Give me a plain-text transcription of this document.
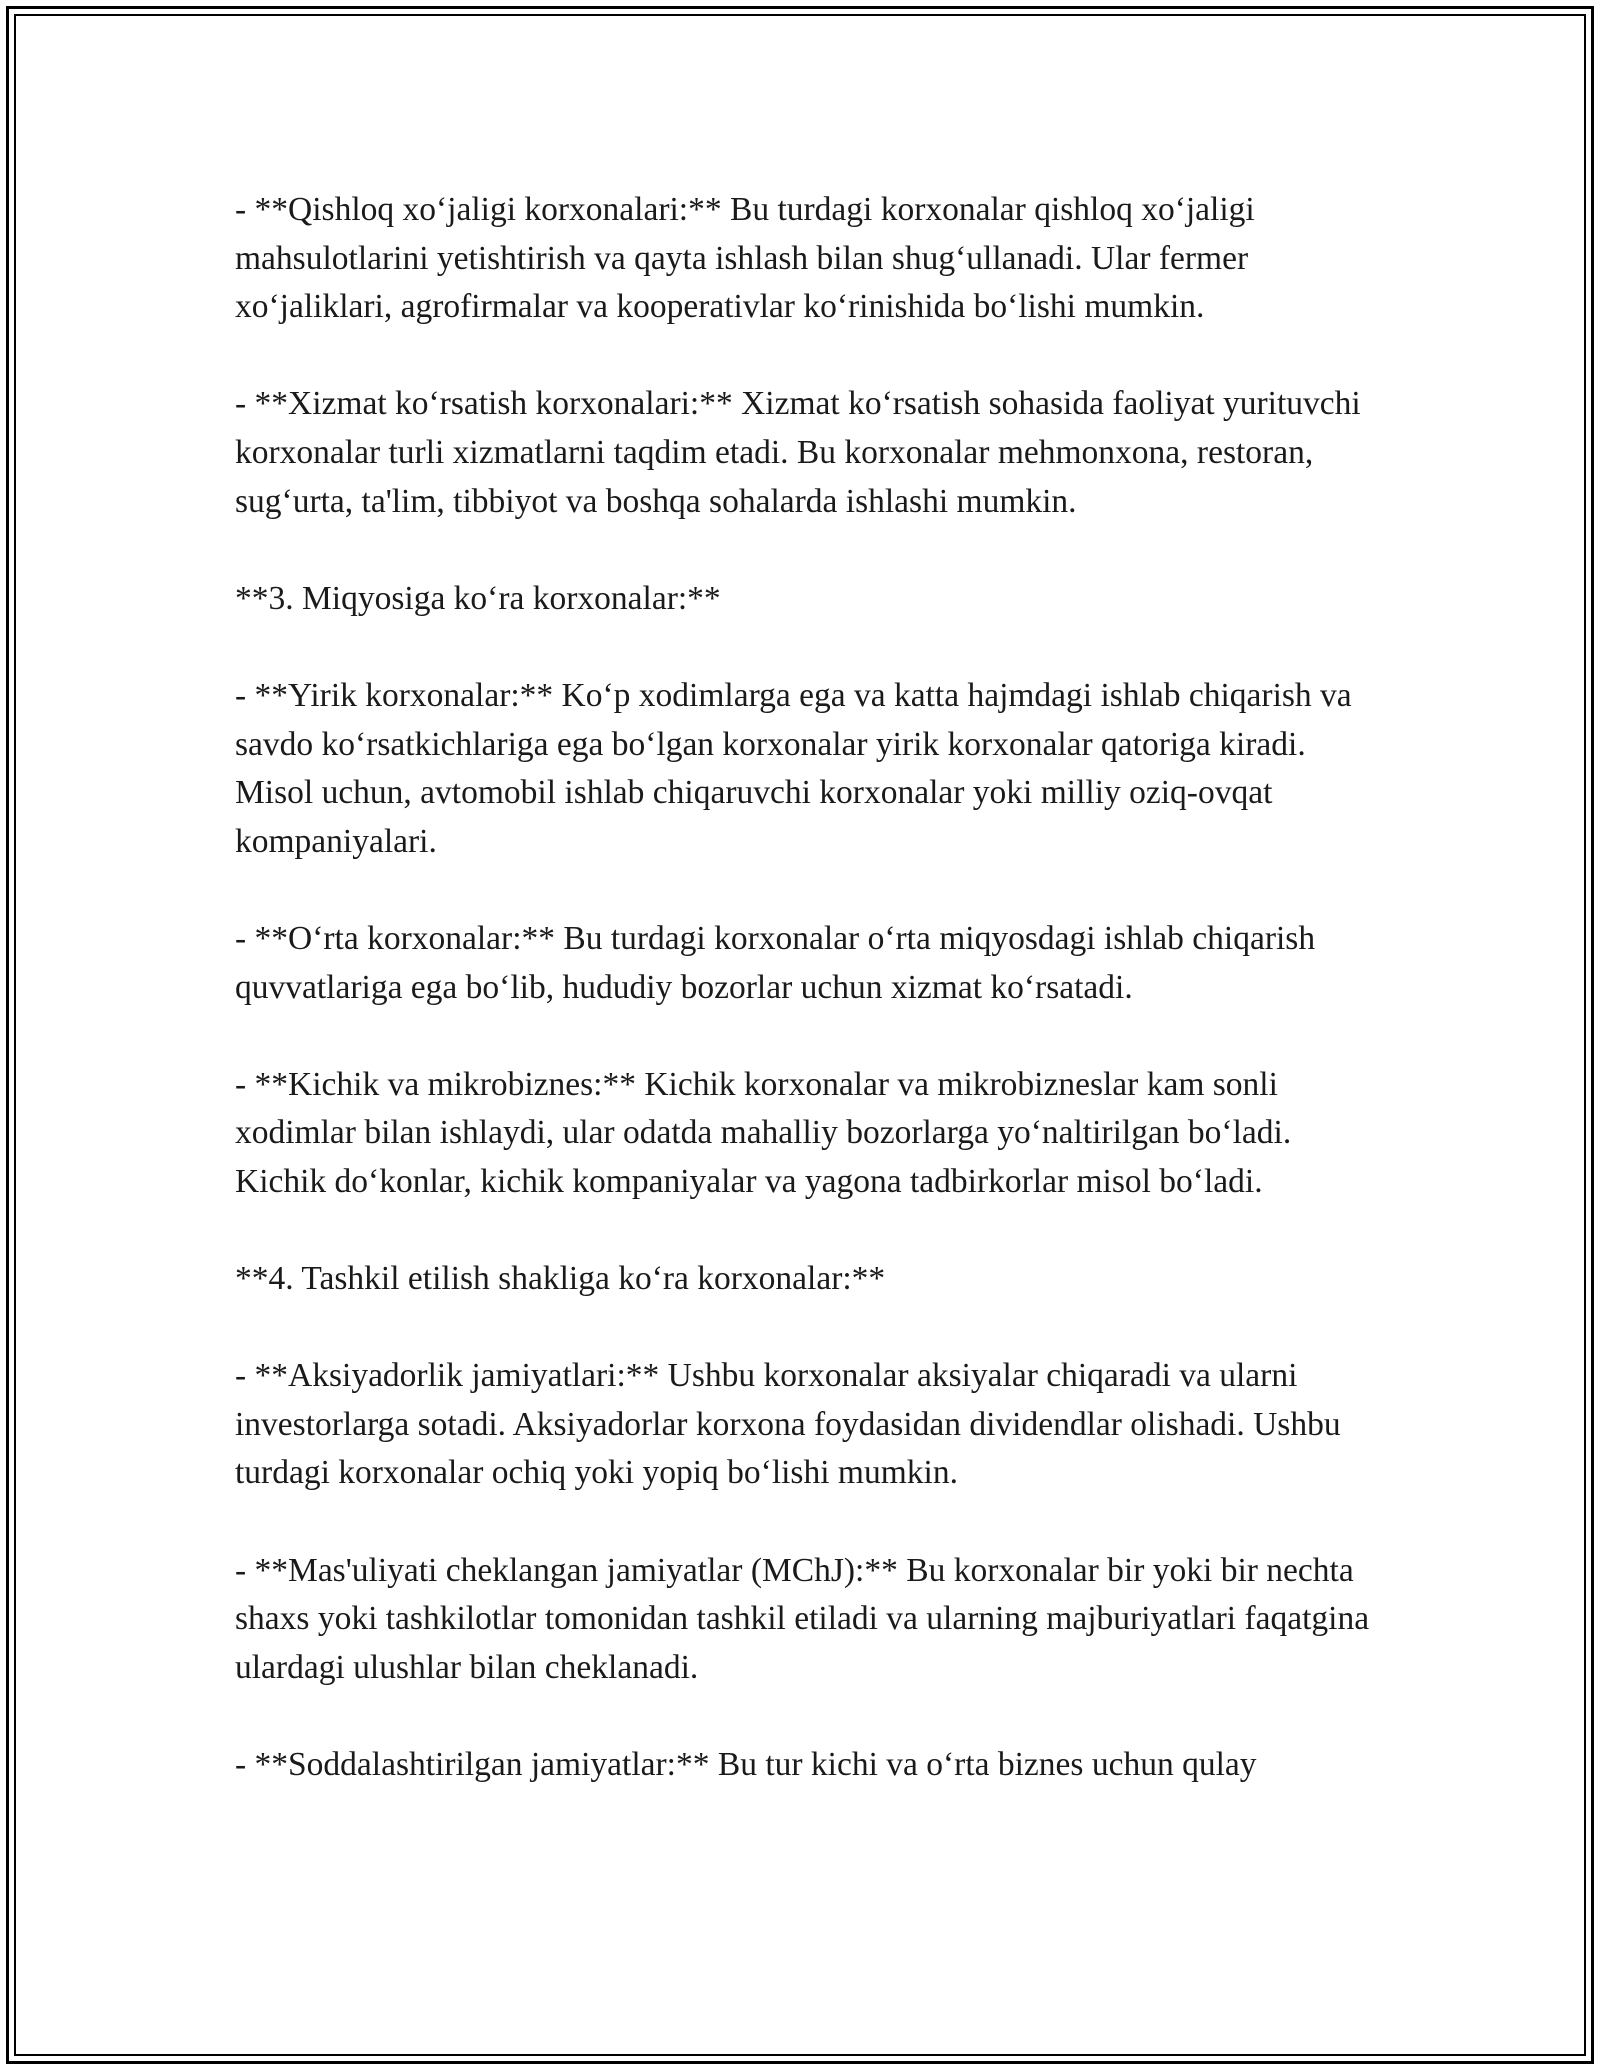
- **Qishloq xo‘jaligi korxonalari:** Bu turdagi korxonalar qishloq xo‘jaligi mahsulotlarini yetishtirish va qayta ishlash bilan shug‘ullanadi. Ular fermer xo‘jaliklari, agrofirmalar va kooperativlar ko‘rinishida bo‘lishi mumkin.

- **Xizmat ko‘rsatish korxonalari:** Xizmat ko‘rsatish sohasida faoliyat yurituvchi korxonalar turli xizmatlarni taqdim etadi. Bu korxonalar mehmonxona, restoran, sug‘urta, ta'lim, tibbiyot va boshqa sohalarda ishlashi mumkin.

**3. Miqyosiga ko‘ra korxonalar:**

- **Yirik korxonalar:** Ko‘p xodimlarga ega va katta hajmdagi ishlab chiqarish va savdo ko‘rsatkichlariga ega bo‘lgan korxonalar yirik korxonalar qatoriga kiradi. Misol uchun, avtomobil ishlab chiqaruvchi korxonalar yoki milliy oziq-ovqat kompaniyalari.

- **O‘rta korxonalar:** Bu turdagi korxonalar o‘rta miqyosdagi ishlab chiqarish quvvatlariga ega bo‘lib, hududiy bozorlar uchun xizmat ko‘rsatadi.

- **Kichik va mikrobiznes:** Kichik korxonalar va mikrobiznеslar kam sonli xodimlar bilan ishlaydi, ular odatda mahalliy bozorlarga yo‘naltirilgan bo‘ladi. Kichik do‘konlar, kichik kompaniyalar va yagona tadbirkorlar misol bo‘ladi.

**4. Tashkil etilish shakliga ko‘ra korxonalar:**

- **Aksiyadorlik jamiyatlari:** Ushbu korxonalar aksiyalar chiqaradi va ularni investorlarga sotadi. Aksiyadorlar korxona foydasidan dividendlar olishadi. Ushbu turdagi korxonalar ochiq yoki yopiq bo‘lishi mumkin.

- **Mas'uliyati cheklangan jamiyatlar (MChJ):** Bu korxonalar bir yoki bir nechta shaxs yoki tashkilotlar tomonidan tashkil etiladi va ularning majburiyatlari faqatgina ulardagi ulushlar bilan cheklanadi.

- **Soddalashtirilgan jamiyatlar:** Bu tur kichi va o‘rta biznes uchun qulay
